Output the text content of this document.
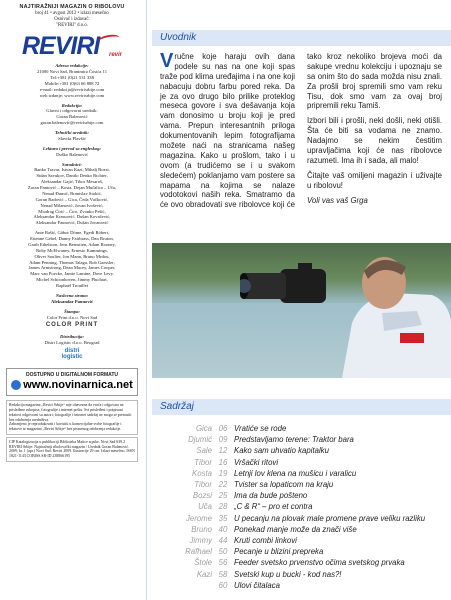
NAJTIRAŽNIJI MAGAZIN O RIBOLOVU
broj 41 • avgust 2012 • izlazi mesečno
Osnivač i izdavač:
"REVIRI" d.o.o.
REVIRI revir
Adresa redakcije:

21000 Novi Sad, Branimira Ćosića 11

Tel:+381 (0)21 531 338

Mobile:+381 (0)63 66 888 72

e-mail: redakcija@revirisrbije.com

web izdanje: www.revirisrbije.com

Redakcija:

Glavni i odgovorni urednik:

Goran Balenović

goran.balenovic@revirisrbije.com

Tehnički urednik:

Slaviša Plavšić

Lektura i prevod sa engleskog:

Duško Balenović

Saradnici:

Ranko Travar, Istvan Kazi, Mihalj Bozsi,

Stdan Savukov, Danilo Denko Richter,

Aleksandar Gajić, Tibor Mesaroš,

Zoran Pantović – Kosta, Dejan Mučalica – Uča,

Nenad Đumić, Branislav Stokić,

Goran Radović – Gica, Čeda Vučković,

Nenad Milanović, Jovan Ivošević,

Miodrag Ćirić – Ćiro, Zvonko Pešić,

Aleksandar Krasuović, Dušan Kovačević,

Aleksandar Paunović, Dušan Jovanović

Ante Rašić, Gábor Döme, Egedi Róbert,

Etienne Gebel, Danny Fairbrass, Dan Bruton,

Garth Ethelston, Jens Bernstien, Adam Rooney,

Roby McElwaney, Ernesto Kammings,

Oliver Soulier, Jon Mann, Bruno Mrdou,

Adam Penning, Thomas Talaga, Rob Gaessler,

James Armstrong, Dean Macey, James Cooper,

Marc van Poecke, Jamie Lamine, Dave Levy,

Michel Schoonhoven, Jimmy Pluchart,

Raphaël Trouillet

Naslovna strana:

Aleksandar Paunović

Štampa:

Color Print d.o.o. Novi Sad

COLOR PRINT
Distribucija:

Distri Logistic d.o.o. Beograd

distri logistic
DOSTUPNO U DIGITALNOM FORMATU
www.novinarnica.net

Redakcija magazina „Reviri Srbije“ nije obavezna da vraća i odgovara na prisleđene rukopise, fotografije i internet poštu. Svi prisleđeni i potpisani tekstovi odgovorni su autori; fotografije i internet sadržaj ne mogu se prenositi bez odobrenja uredništva.

Zabranjeno je reprodukovati i koristiti u komercijalne svrhe fotografije i tekstove iz magazina „Reviri Srbije“ bez pismenog odobrenja redakcije.

CIP Katalogizacija u publikaciji Biblioteka Matice srpske, Novi Sad 639.2 REVIRI Srbije: Najtiražniji ribolovački magazin / Urednik Goran Balenović. 2009; br. 1 (apr.) Novi Sad: Reviri 2009. Ilustracije 29 cm. Izlazi mesečno. ISSN 1821-1143 COBISS.SR-ID 238866195

Uvodnik

Vručne koje haraju ovih dana podele su nas na one koji spas traže pod klima uređajima i na one koji nabacuju dobru farbu pored reka. Da je za ovo drugo bilo prilike proteklog meseca govore i sva dešavanja koja vam donosimo u broju koji je pred vama. Prepun interesantnih priloga dokumentovanih lepim fotografijama možete naći na stranicama našeg magazina. Kako u prošlom, tako i u ovom (a trudićemo se i u svakom sledećem) poklanjamo vam postere sa mapama na kojima se nalaze vodotokovi naših reka. Smatramo da će ovo obradovati sve ribolovce koji će tako kroz nekoliko brojeva moći da sakupe vrednu kolekciju i upoznaju se sa onim što do sada možda nisu znali. Za prošli broj spremili smo vam reku Tisu, dok smo vam za ovaj broj pripremili reku Tamiš.

Izbori bili i prošli, neki došli, neki otišli. Šta će biti sa vodama ne znamo. Nadajmo se nekim čestitim upravljačima koji će nas ribolovce razumeti. Ima ih i sada, ali malo!

Čitajte vaš omiljeni magazin i uživajte u ribolovu!

Voli vas vaš Grga

Sadržaj
Gica 06 Vratiće se rode
Djumić 09 Predstavljamo terene: Traktor bara
Sale 12 Kako sam uhvatio kapitalku
Tibor 16 Vršački ritovi
Kosta 19 Letnji lov klena na mušicu i varalicu
Tibor 22 Tvister sa lopaticom na kraju
Bozsi 25 Ima da bude pošteno
Uča 28 „C & R“ – pro et contra
Jerome 35 U pecanju na plovak male promene prave veliku razliku
Bruno 40 Ponekad manje može da znači više
Jimmy 44 Kruti combi linkovi
Rafhael 50 Pecanje u blizini prepreka
Štole 56 Feeder svetsko prvenstvo očima svetskog prvaka
Kazi 58 Svetski kup u bucki - kod nas?!
60 Ulovi čitalaca
